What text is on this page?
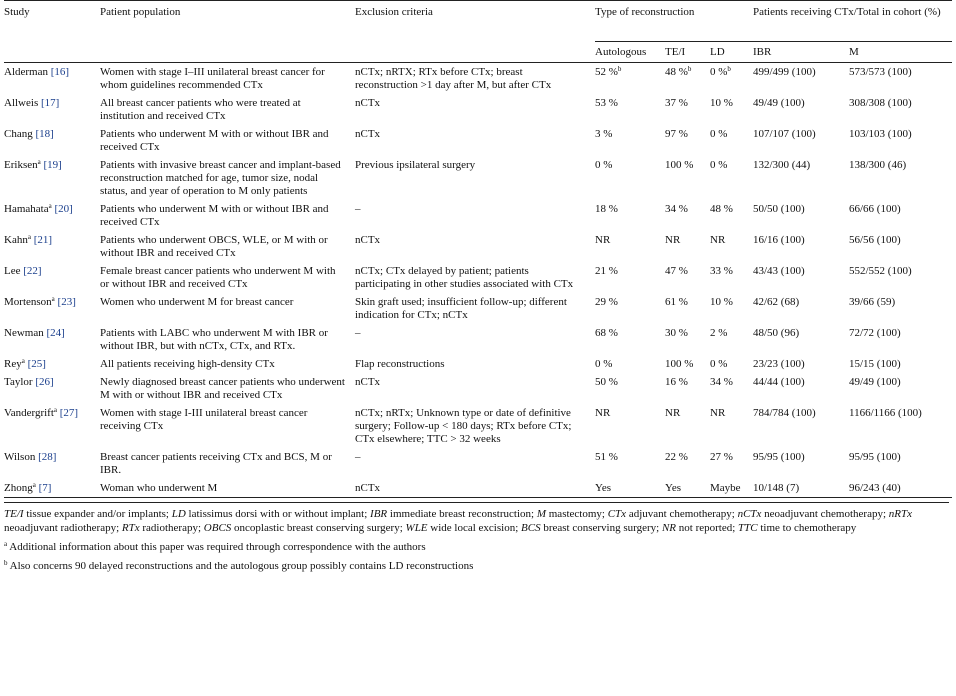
Study	Patient population	Exclusion criteria	Type of reconstruction			Patients receiving CTx/Total in cohort (%)	
			Autologous	TE/I	LD	IBR	M
Alderman [16]	Women with stage I–III unilateral breast cancer for whom guidelines recommended CTx	nCTx; nRTX; RTx before CTx; breast reconstruction >1 day after M, but after CTx	52 %$^b$	48 %$^b$	0 %$^b$	499/499 (100)	573/573 (100)
Allweis [17]	All breast cancer patients who were treated at institution and received CTx	nCTx	53 %	37 %	10 %	49/49 (100)	308/308 (100)
Chang [18]	Patients who underwent M with or without IBR and received CTx	nCTx	3 %	97 %	0 %	107/107 (100)	103/103 (100)
Eriksen$^a$ [19]	Patients with invasive breast cancer and implant-based reconstruction matched for age, tumor size, nodal status, and year of operation to M only patients	Previous ipsilateral surgery	0 %	100 %	0 %	132/300 (44)	138/300 (46)
Hamahata$^a$ [20]	Patients who underwent M with or without IBR and received CTx	–	18 %	34 %	48 %	50/50 (100)	66/66 (100)
Kahn$^a$ [21]	Patients who underwent OBCS, WLE, or M with or without IBR and received CTx	nCTx	NR	NR	NR	16/16 (100)	56/56 (100)
Lee [22]	Female breast cancer patients who underwent M with or without IBR and received CTx	nCTx; CTx delayed by patient; patients participating in other studies associated with CTx	21 %	47 %	33 %	43/43 (100)	552/552 (100)
Mortenson$^a$ [23]	Women who underwent M for breast cancer	Skin graft used; insufficient follow-up; different indication for CTx; nCTx	29 %	61 %	10 %	42/62 (68)	39/66 (59)
Newman [24]	Patients with LABC who underwent M with IBR or without IBR, but with nCTx, CTx, and RTx.	–	68 %	30 %	2 %	48/50 (96)	72/72 (100)
Rey$^a$ [25]	All patients receiving high-density CTx	Flap reconstructions	0 %	100 %	0 %	23/23 (100)	15/15 (100)
Taylor [26]	Newly diagnosed breast cancer patients who underwent M with or without IBR and received CTx	nCTx	50 %	16 %	34 %	44/44 (100)	49/49 (100)
Vandergrift$^a$ [27]	Women with stage I-III unilateral breast cancer receiving CTx	nCTx; nRTx; Unknown type or date of definitive surgery; Follow-up < 180 days; RTx before CTx; CTx elsewhere; TTC > 32 weeks	NR	NR	NR	784/784 (100)	1166/1166 (100)
Wilson [28]	Breast cancer patients receiving CTx and BCS, M or IBR.	–	51 %	22 %	27 %	95/95 (100)	95/95 (100)
Zhong$^a$ [7]	Woman who underwent M	nCTx	Yes	Yes	Maybe	10/148 (7)	96/243 (40)

TE/I tissue expander and/or implants; LD latissimus dorsi with or without implant; IBR immediate breast reconstruction; M mastectomy; CTx adjuvant chemotherapy; nCTx neoadjuvant chemotherapy; nRTx neoadjuvant radiotherapy; RTx radiotherapy; OBCS oncoplastic breast conserving surgery; WLE wide local excision; BCS breast conserving surgery; NR not reported; TTC time to chemotherapy

$^a$ Additional information about this paper was required through correspondence with the authors

$^b$ Also concerns 90 delayed reconstructions and the autologous group possibly contains LD reconstructions
